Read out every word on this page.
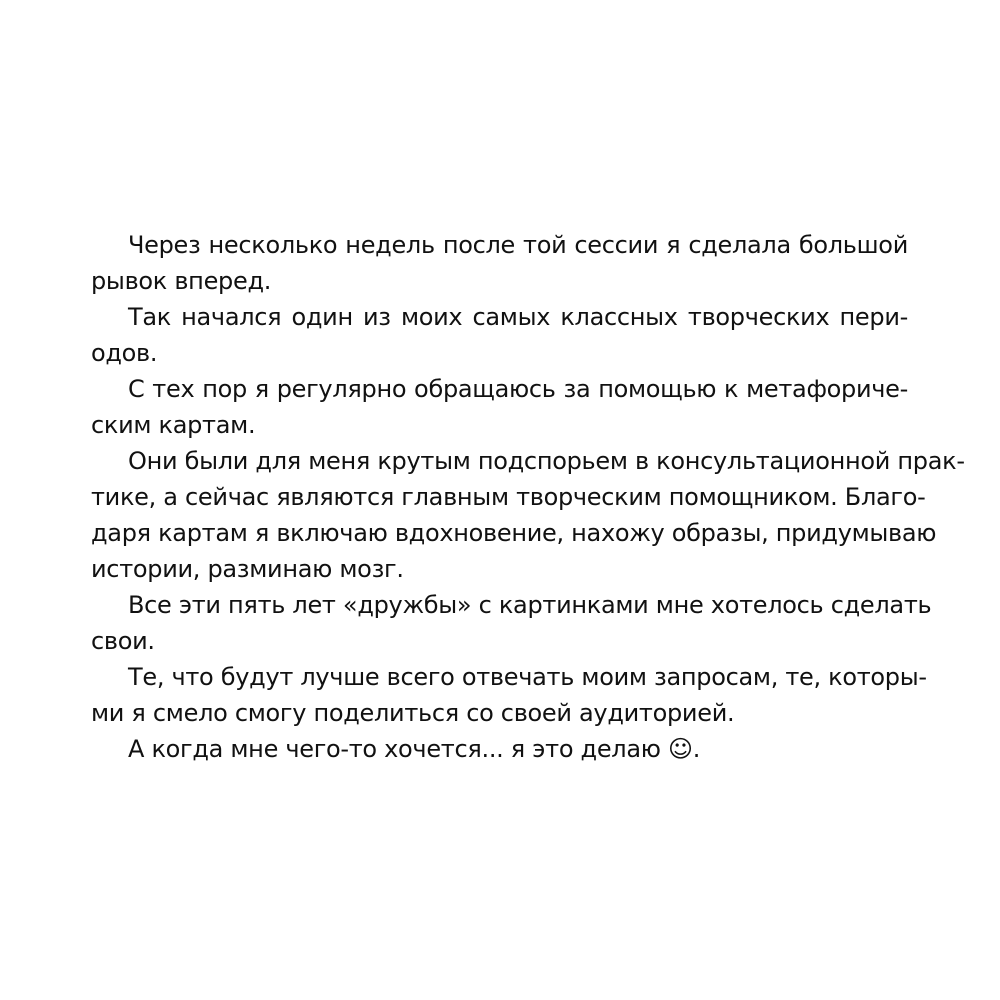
Через несколько недель после той сессии я сделала большой
рывок вперед.
Так начался один из моих самых классных творческих пери-
одов.
С тех пор я регулярно обращаюсь за помощью к метафориче-
ским картам.
Они были для меня крутым подспорьем в консультационной прак-
тике, а сейчас являются главным творческим помощником. Благо-
даря картам я включаю вдохновение, нахожу образы, придумываю
истории, разминаю мозг.
Все эти пять лет «дружбы» с картинками мне хотелось сделать
свои.
Те, что будут лучше всего отвечать моим запросам, те, которы-
ми я смело смогу поделиться со своей аудиторией.
А когда мне чего-то хочется... я это делаю ☺.
